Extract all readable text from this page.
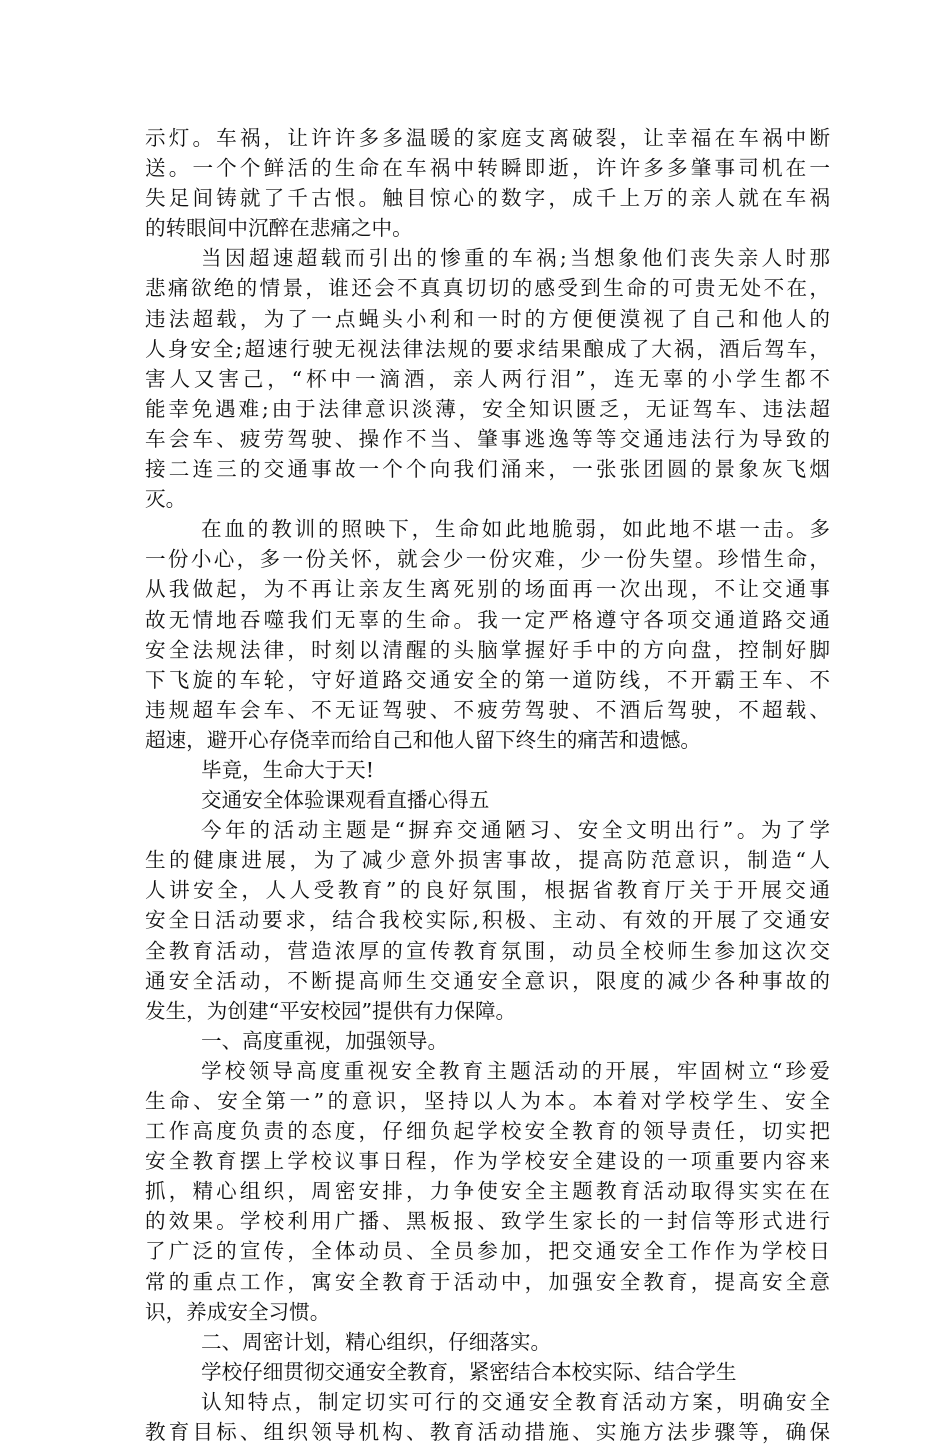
示灯。车祸，让许许多多温暖的家庭支离破裂，让幸福在车祸中断
送。一个个鲜活的生命在车祸中转瞬即逝，许许多多肇事司机在一
失足间铸就了千古恨。触目惊心的数字，成千上万的亲人就在车祸
的转眼间中沉醉在悲痛之中。
当因超速超载而引出的惨重的车祸;当想象他们丧失亲人时那
悲痛欲绝的情景，谁还会不真真切切的感受到生命的可贵无处不在，
违法超载，为了一点蝇头小利和一时的方便便漠视了自己和他人的
人身安全;超速行驶无视法律法规的要求结果酿成了大祸，酒后驾车，
害人又害己，“杯中一滴酒，亲人两行泪”，连无辜的小学生都不
能幸免遇难;由于法律意识淡薄，安全知识匮乏，无证驾车、违法超
车会车、疲劳驾驶、操作不当、肇事逃逸等等交通违法行为导致的
接二连三的交通事故一个个向我们涌来，一张张团圆的景象灰飞烟
灭。
在血的教训的照映下，生命如此地脆弱，如此地不堪一击。多
一份小心，多一份关怀，就会少一份灾难，少一份失望。珍惜生命，
从我做起，为不再让亲友生离死别的场面再一次出现，不让交通事
故无情地吞噬我们无辜的生命。我一定严格遵守各项交通道路交通
安全法规法律，时刻以清醒的头脑掌握好手中的方向盘，控制好脚
下飞旋的车轮，守好道路交通安全的第一道防线，不开霸王车、不
违规超车会车、不无证驾驶、不疲劳驾驶、不酒后驾驶，不超载、
超速，避开心存侥幸而给自己和他人留下终生的痛苦和遗憾。
毕竟，生命大于天!
交通安全体验课观看直播心得五
今年的活动主题是“摒弃交通陋习、安全文明出行”。为了学
生的健康进展，为了减少意外损害事故，提高防范意识，制造“人
人讲安全，人人受教育”的良好氛围，根据省教育厅关于开展交通
安全日活动要求，结合我校实际,积极、主动、有效的开展了交通安
全教育活动，营造浓厚的宣传教育氛围，动员全校师生参加这次交
通安全活动，不断提高师生交通安全意识，限度的减少各种事故的
发生，为创建“平安校园”提供有力保障。
一、高度重视，加强领导。
学校领导高度重视安全教育主题活动的开展，牢固树立“珍爱
生命、安全第一”的意识，坚持以人为本。本着对学校学生、安全
工作高度负责的态度，仔细负起学校安全教育的领导责任，切实把
安全教育摆上学校议事日程，作为学校安全建设的一项重要内容来
抓，精心组织，周密安排，力争使安全主题教育活动取得实实在在
的效果。学校利用广播、黑板报、致学生家长的一封信等形式进行
了广泛的宣传，全体动员、全员参加，把交通安全工作作为学校日
常的重点工作，寓安全教育于活动中，加强安全教育，提高安全意
识，养成安全习惯。
二、周密计划，精心组织，仔细落实。
学校仔细贯彻交通安全教育，紧密结合本校实际、结合学生
认知特点，制定切实可行的交通安全教育活动方案，明确安全
教育目标、组织领导机构、教育活动措施、实施方法步骤等，确保
